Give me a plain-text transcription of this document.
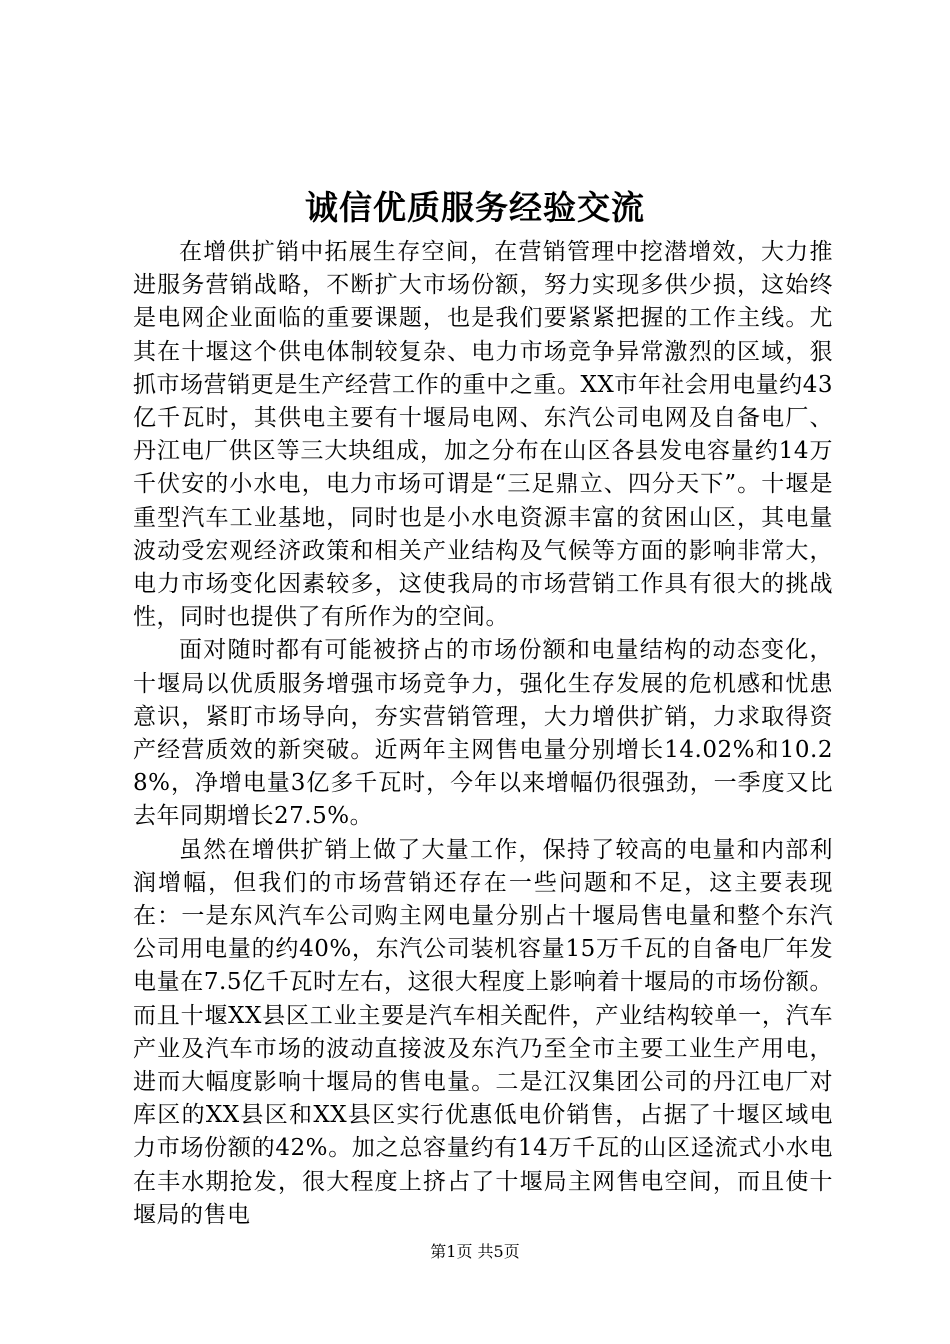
诚信优质服务经验交流

在增供扩销中拓展生存空间，在营销管理中挖潜增效，大力推进服务营销战略，不断扩大市场份额，努力实现多供少损，这始终是电网企业面临的重要课题，也是我们要紧紧把握的工作主线。尤其在十堰这个供电体制较复杂、电力市场竞争异常激烈的区域，狠抓市场营销更是生产经营工作的重中之重。XX市年社会用电量约43亿千瓦时，其供电主要有十堰局电网、东汽公司电网及自备电厂、丹江电厂供区等三大块组成，加之分布在山区各县发电容量约14万千伏安的小水电，电力市场可谓是“三足鼎立、四分天下”。十堰是重型汽车工业基地，同时也是小水电资源丰富的贫困山区，其电量波动受宏观经济政策和相关产业结构及气候等方面的影响非常大，电力市场变化因素较多，这使我局的市场营销工作具有很大的挑战性，同时也提供了有所作为的空间。

面对随时都有可能被挤占的市场份额和电量结构的动态变化，十堰局以优质服务增强市场竞争力，强化生存发展的危机感和忧患意识，紧盯市场导向，夯实营销管理，大力增供扩销，力求取得资产经营质效的新突破。近两年主网售电量分别增长14.02%和10.28%，净增电量3亿多千瓦时，今年以来增幅仍很强劲，一季度又比去年同期增长27.5%。

虽然在增供扩销上做了大量工作，保持了较高的电量和内部利润增幅，但我们的市场营销还存在一些问题和不足，这主要表现在：一是东风汽车公司购主网电量分别占十堰局售电量和整个东汽公司用电量的约40%，东汽公司装机容量15万千瓦的自备电厂年发电量在7.5亿千瓦时左右，这很大程度上影响着十堰局的市场份额。而且十堰XX县区工业主要是汽车相关配件，产业结构较单一，汽车产业及汽车市场的波动直接波及东汽乃至全市主要工业生产用电，进而大幅度影响十堰局的售电量。二是江汉集团公司的丹江电厂对库区的XX县区和XX县区实行优惠低电价销售，占据了十堰区域电力市场份额的42%。加之总容量约有14万千瓦的山区迳流式小水电在丰水期抢发，很大程度上挤占了十堰局主网售电空间，而且使十堰局的售电

第1页 共5页
